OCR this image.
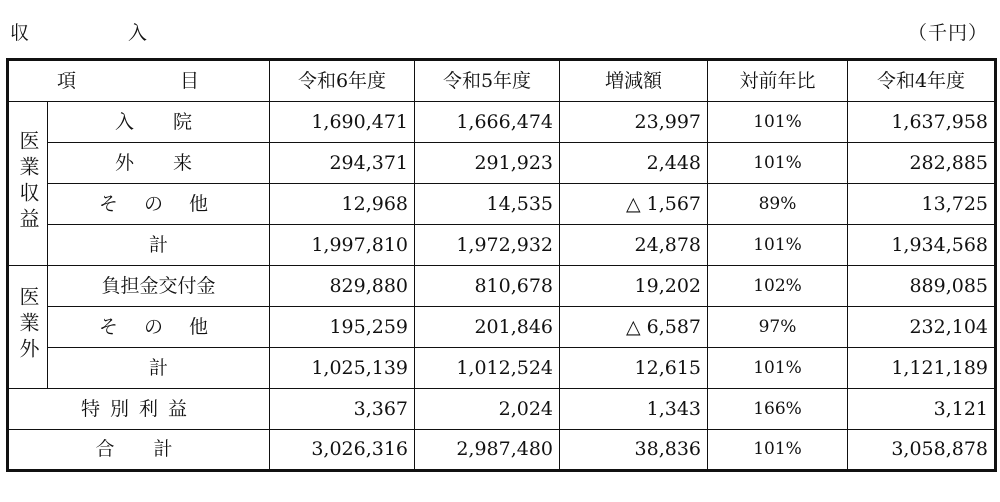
収　入	（千円）
項　　目		令和6年度	令和5年度	増減額	対前年比	令和4年度
医業収益	入　院	1,690,471	1,666,474	23,997	101%	1,637,958
	外　来	294,371	291,923	2,448	101%	282,885
	そ の 他	12,968	14,535	△ 1,567	89%	13,725
	計	1,997,810	1,972,932	24,878	101%	1,934,568
医業外	負担金交付金	829,880	810,678	19,202	102%	889,085
	そ の 他	195,259	201,846	△ 6,587	97%	232,104
	計	1,025,139	1,012,524	12,615	101%	1,121,189
特別利益		3,367	2,024	1,343	166%	3,121
合　計		3,026,316	2,987,480	38,836	101%	3,058,878
